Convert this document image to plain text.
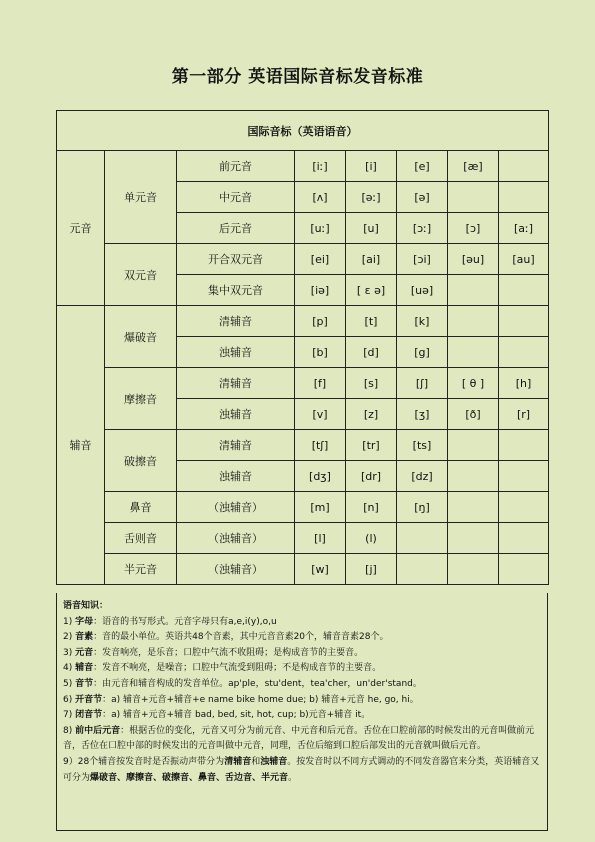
第一部分 英语国际音标发音标准
国际音标（英语语音）							
元音	单元音	前元音	[iː]	[i]	[e]	[æ]	
		中元音	[ʌ]	[əː]	[ə]		
		后元音	[uː]	[u]	[ɔː]	[ɔ]	[aː]
	双元音	开合双元音	[ei]	[ai]	[ɔi]	[əu]	[au]
		集中双元音	[iə]	[ ε ə]	[uə]		
辅音	爆破音	清辅音	[p]	[t]	[k]		
		浊辅音	[b]	[d]	[g]		
	摩擦音	清辅音	[f]	[s]	[ʃ]	[ θ ]	[h]
		浊辅音	[v]	[z]	[ʒ]	[ð]	[r]
	破擦音	清辅音	[tʃ]	[tr]	[ts]		
		浊辅音	[dʒ]	[dr]	[dz]		
	鼻音	（浊辅音）	[m]	[n]	[ŋ]		
	舌则音	（浊辅音）	[l]	(l)			
	半元音	（浊辅音）	[w]	[j]			

语音知识：

1) 字母：语音的书写形式。元音字母只有a,e,i(y),o,u

2) 音素：音的最小单位。英语共48个音素，其中元音音素20个，辅音音素28个。

3) 元音：发音响亮，是乐音；口腔中气流不收阻碍；是构成音节的主要音。

4) 辅音：发音不响亮，是噪音；口腔中气流受到阻碍；不是构成音节的主要音。

5) 音节：由元音和辅音构成的发音单位。ap'ple，stu'dent，tea'cher，un'der'stand。

6) 开音节：a) 辅音+元音+辅音+e name bike home due; b) 辅音+元音 he, go, hi。

7) 闭音节：a) 辅音+元音+辅音 bad, bed, sit, hot, cup; b)元音+辅音 it。

8) 前中后元音：根据舌位的变化，元音又可分为前元音、中元音和后元音。舌位在口腔前部的时候发出的元音叫做前元音，舌位在口腔中部的时候发出的元音叫做中元音，同理，舌位后缩到口腔后部发出的元音就叫做后元音。

9）28个辅音按发音时是否振动声带分为清辅音和浊辅音。按发音时以不同方式调动的不同发音器官来分类，英语辅音又可分为爆破音、摩擦音、破擦音、鼻音、舌边音、半元音。
